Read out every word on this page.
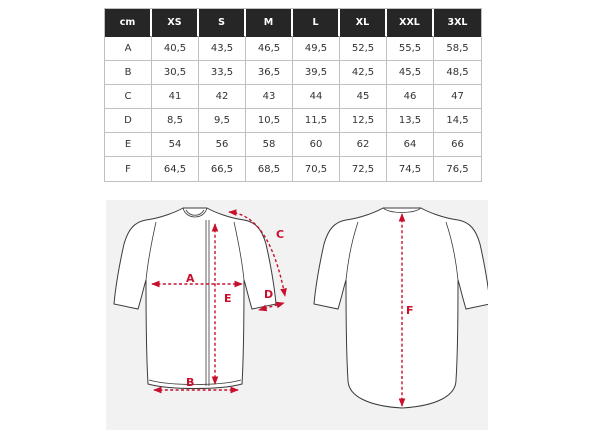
cm	XS	S	M	L	XL	XXL	3XL
A	40,5	43,5	46,5	49,5	52,5	55,5	58,5
B	30,5	33,5	36,5	39,5	42,5	45,5	48,5
C	41	42	43	44	45	46	47
D	8,5	9,5	10,5	11,5	12,5	13,5	14,5
E	54	56	58	60	62	64	66
F	64,5	66,5	68,5	70,5	72,5	74,5	76,5
A
B
C
D
E
F
